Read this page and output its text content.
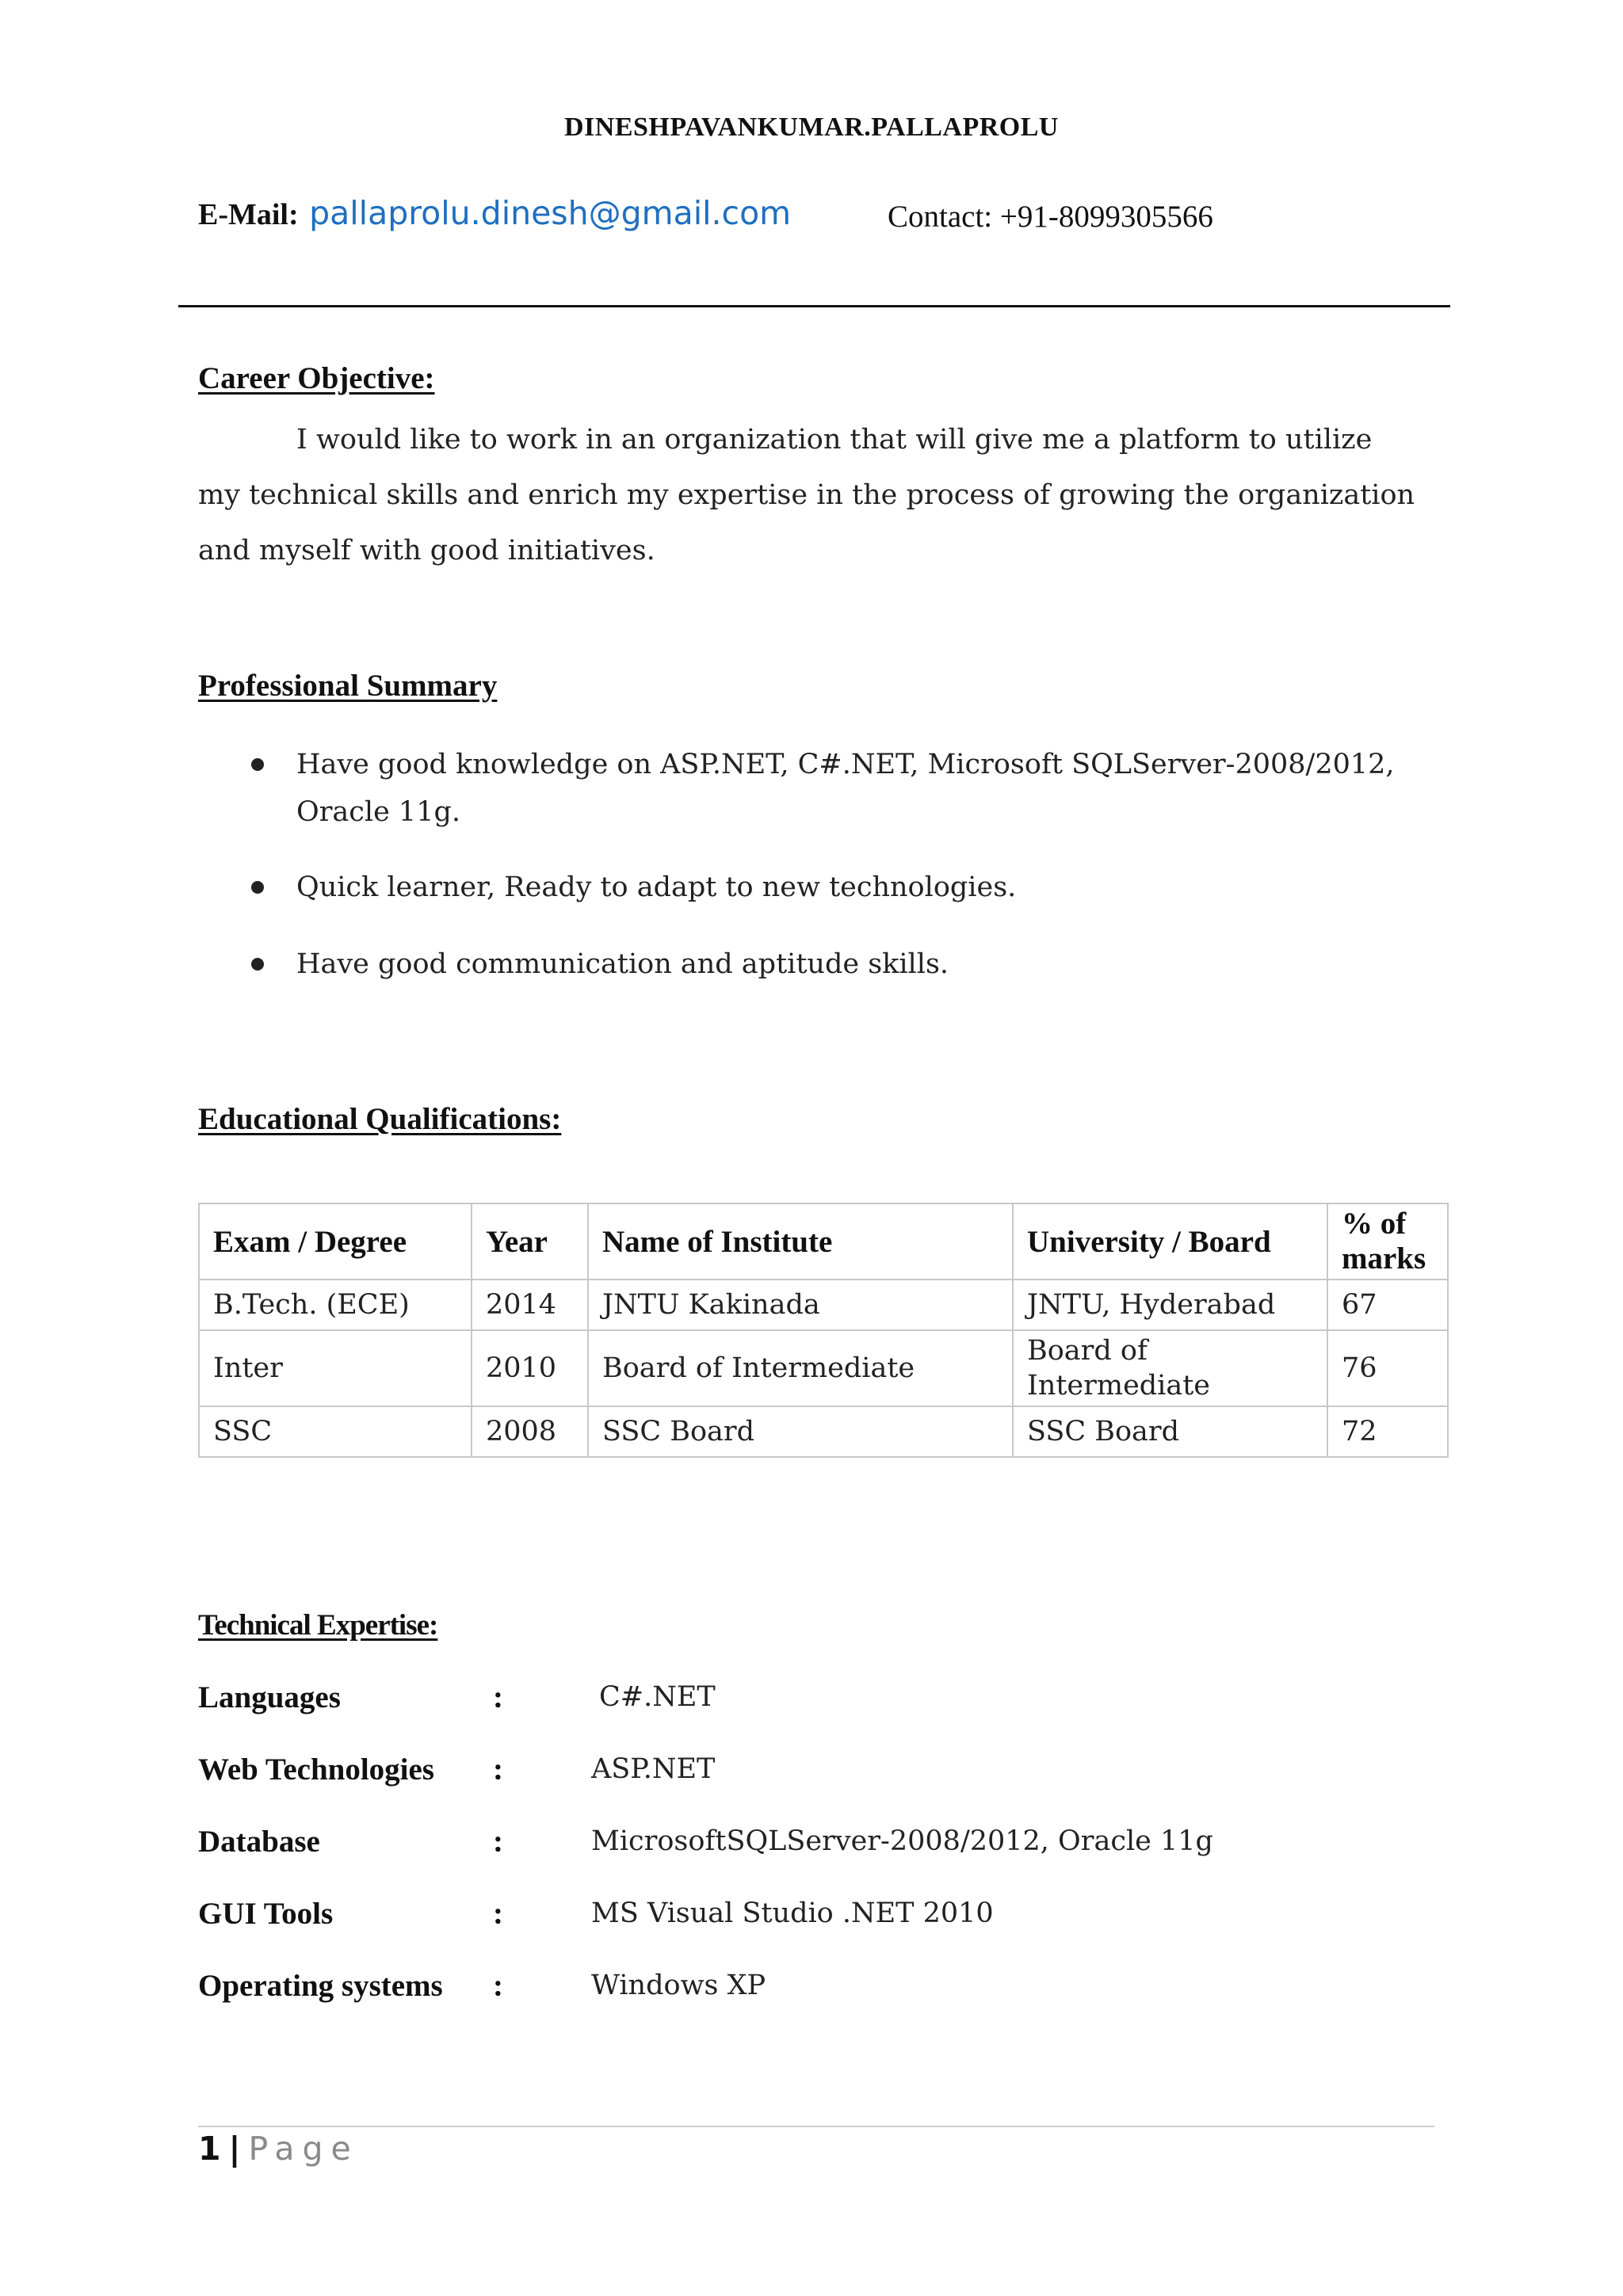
DINESHPAVANKUMAR.PALLAPROLU
E-Mail: pallaprolu.dinesh@gmail.com	Contact: +91-8099305566
Career Objective:
I would like to work in an organization that will give me a platform to utilize my technical skills and enrich my expertise in the process of growing the organization and myself with good initiatives.
Professional Summary
Have good knowledge on ASP.NET, C#.NET, Microsoft SQLServer-2008/2012, Oracle 11g.
Quick learner, Ready to adapt to new technologies.
Have good communication and aptitude skills.
Educational Qualifications:
Exam / Degree	Year	Name of Institute	University / Board	% of marks
B.Tech. (ECE)	2014	JNTU Kakinada	JNTU, Hyderabad	67
Inter	2010	Board of Intermediate	Board of Intermediate	76
SSC	2008	SSC Board	SSC Board	72
Technical Expertise:
Languages	:	C#.NET
Web Technologies :	ASP.NET
Database	:	MicrosoftSQLServer-2008/2012, Oracle 11g
GUI Tools	:	MS Visual Studio .NET 2010
Operating systems :	Windows XP
1 | Page
